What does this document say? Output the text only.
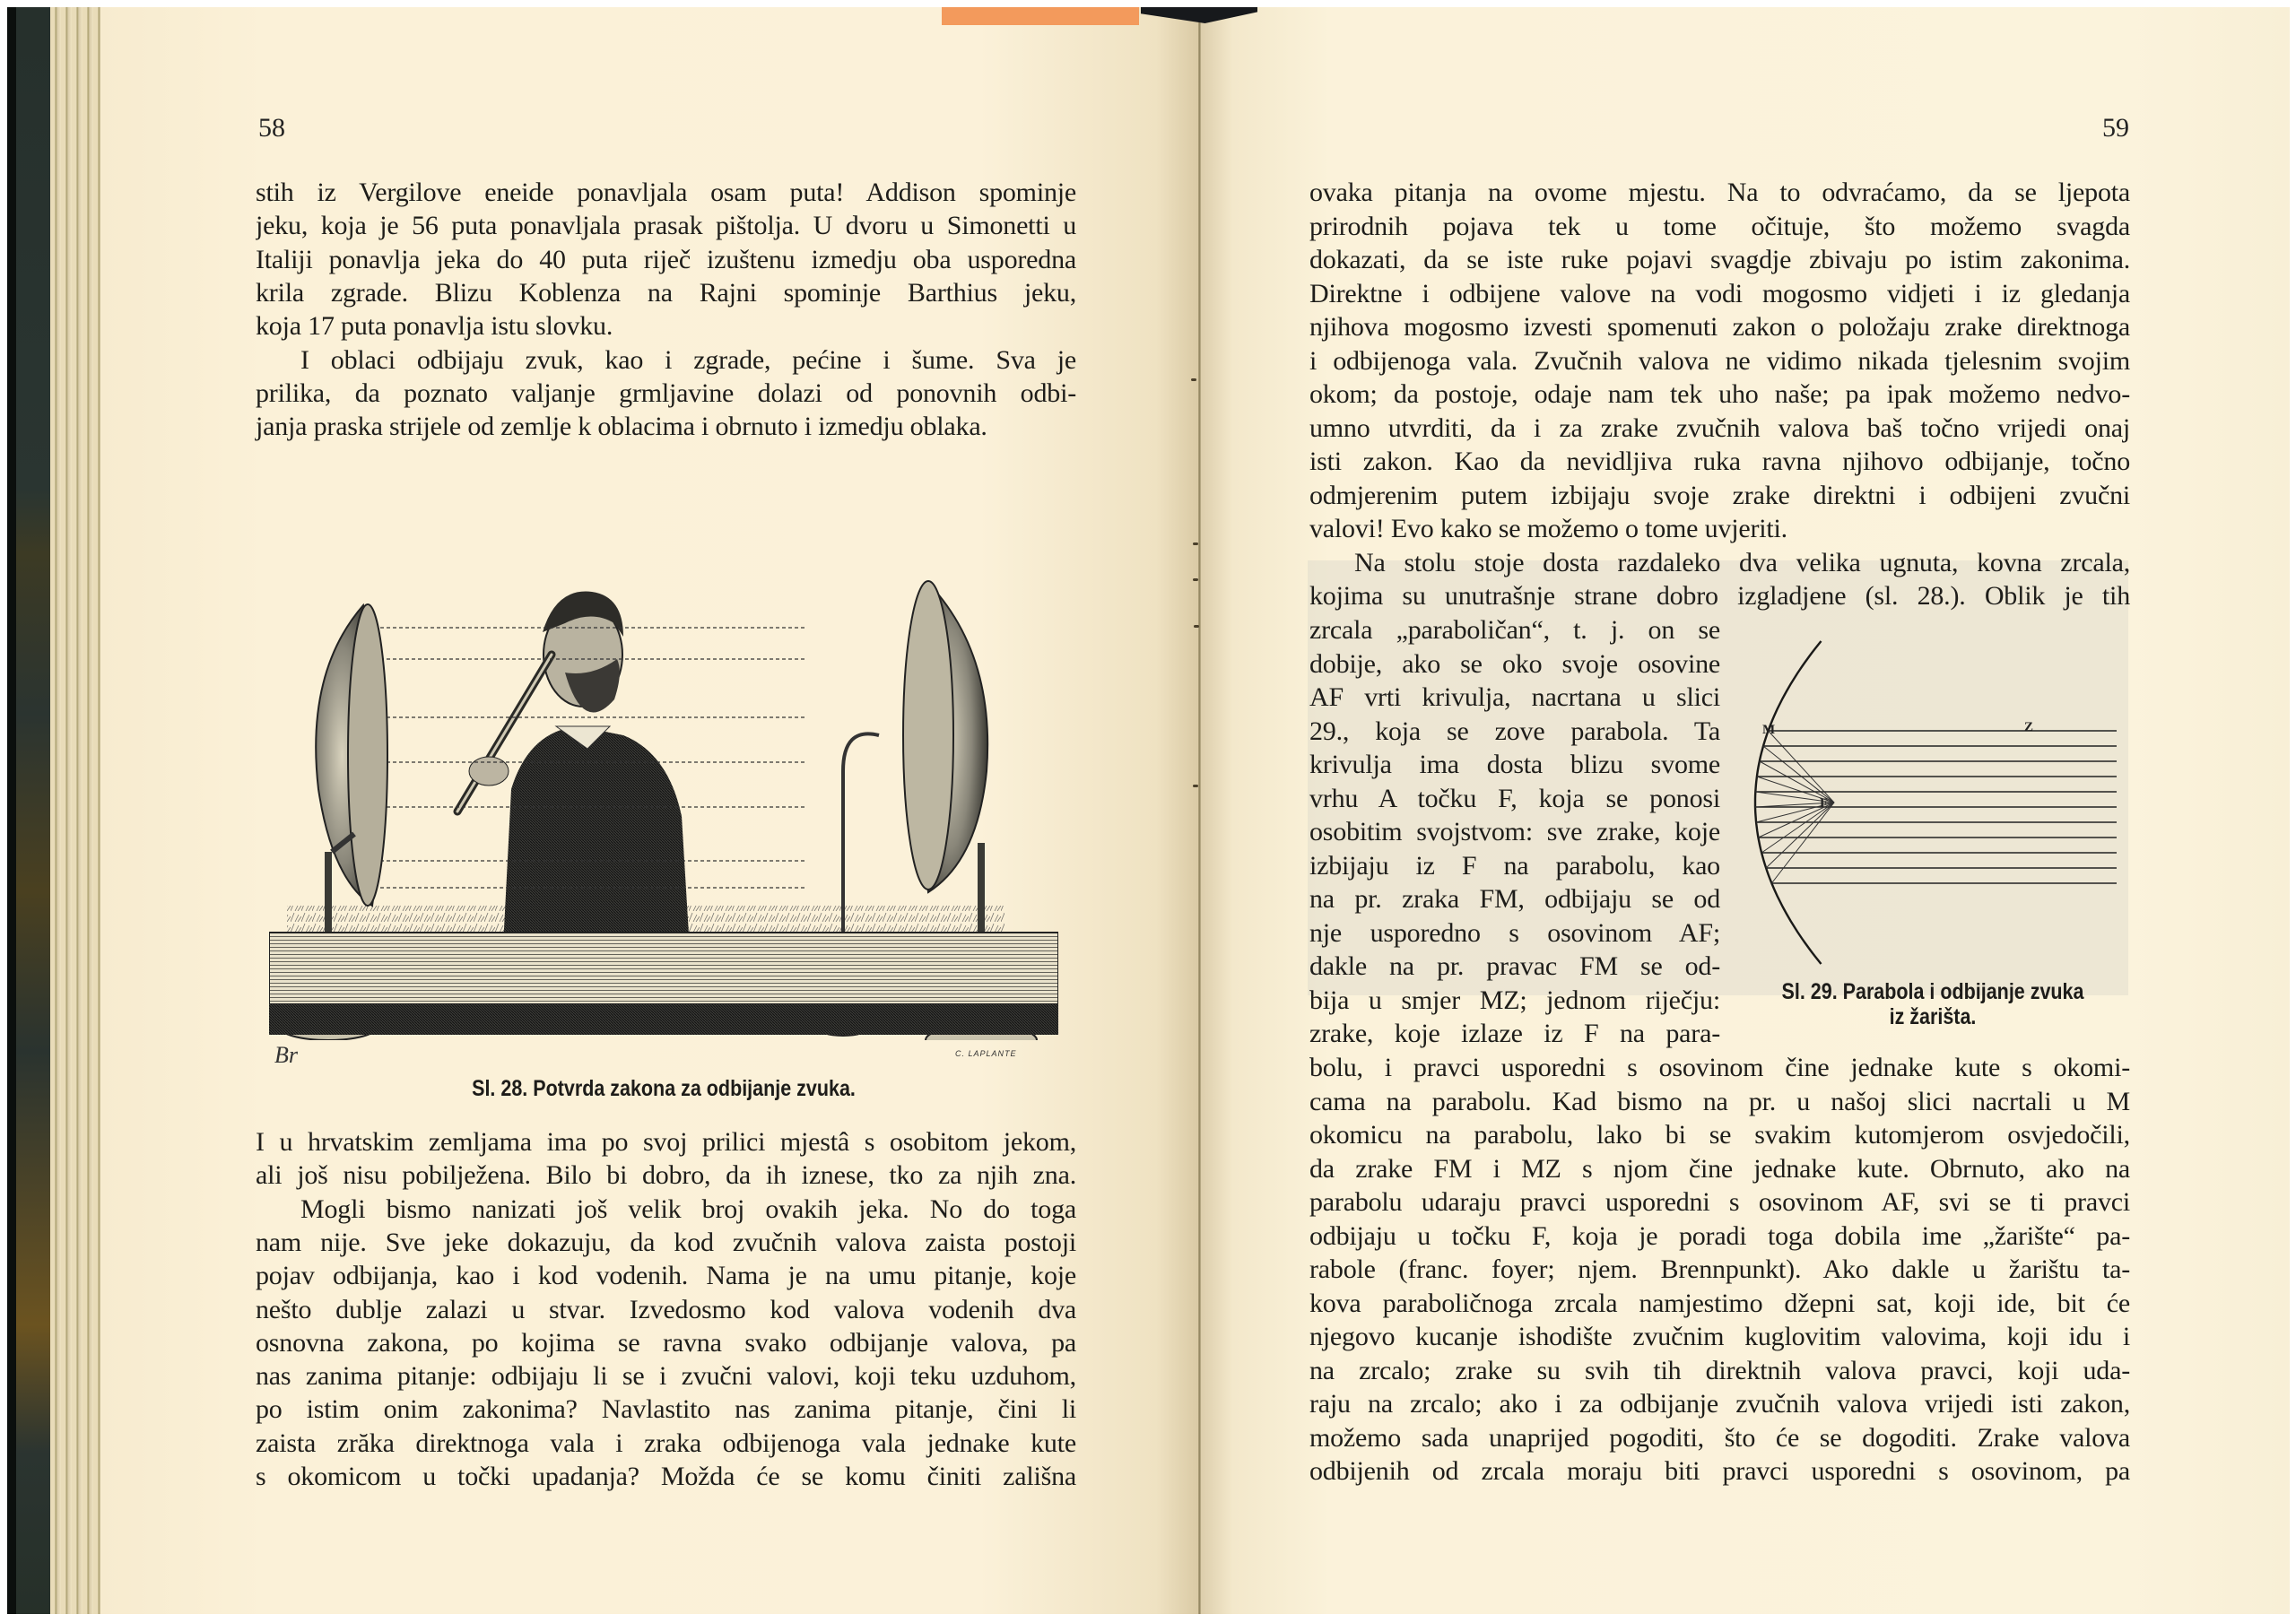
58	59
stih iz Vergilove eneide ponavljala osam puta! Addison spominje
jeku, koja je 56 puta ponavljala prasak pištolja. U dvoru u Simonetti u
Italiji ponavlja jeka do 40 puta riječ izuštenu izmedju oba usporedna
krila zgrade. Blizu Koblenza na Rajni spominje Barthius jeku,
koja 17 puta ponavlja istu slovku.
I oblaci odbijaju zvuk, kao i zgrade, pećine i šume. Sva je
prilika, da poznato valjanje grmljavine dolazi od ponovnih odbi-
janja praska strijele od zemlje k oblacima i obrnuto i izmedju oblaka.
Br	C. LAPLANTE
Sl. 28. Potvrda zakona za odbijanje zvuka.
I u hrvatskim zemljama ima po svoj prilici mjestâ s osobitom jekom,
ali još nisu pobilježena. Bilo bi dobro, da ih iznese, tko za njih zna.
Mogli bismo nanizati još velik broj ovakih jeka. No do toga
nam nije. Sve jeke dokazuju, da kod zvučnih valova zaista postoji
pojav odbijanja, kao i kod vodenih. Nama je na umu pitanje, koje
nešto dublje zalazi u stvar. Izvedosmo kod valova vodenih dva
osnovna zakona, po kojima se ravna svako odbijanje valova, pa
nas zanima pitanje: odbijaju li se i zvučni valovi, koji teku uzduhom,
po istim onim zakonima? Navlastito nas zanima pitanje, čini li
zaista zrăka direktnoga vala i zraka odbijenoga vala jednake kute
s okomicom u točki upadanja? Možda će se komu činiti zališna
ovaka pitanja na ovome mjestu. Na to odvraćamo, da se ljepota
prirodnih pojava tek u tome očituje, što možemo svagda
dokazati, da se iste ruke pojavi svagdje zbivaju po istim zakonima.
Direktne i odbijene valove na vodi mogosmo vidjeti i iz gledanja
njihova mogosmo izvesti spomenuti zakon o položaju zrake direktnoga
i odbijenoga vala. Zvučnih valova ne vidimo nikada tjelesnim svojim
okom; da postoje, odaje nam tek uho naše; pa ipak možemo nedvo-
umno utvrditi, da i za zrake zvučnih valova baš točno vrijedi onaj
isti zakon. Kao da nevidljiva ruka ravna njihovo odbijanje, točno
odmjerenim putem izbijaju svoje zrake direktni i odbijeni zvučni
valovi! Evo kako se možemo o tome uvjeriti.
Na stolu stoje dosta razdaleko dva velika ugnuta, kovna zrcala,
kojima su unutrašnje strane dobro izgladjene (sl. 28.). Oblik je tih
zrcala „paraboličan“, t. j. on se
dobije, ako se oko svoje osovine
AF vrti krivulja, nacrtana u slici
29., koja se zove parabola. Ta
krivulja ima dosta blizu svome
vrhu A točku F, koja se ponosi
osobitim svojstvom: sve zrake, koje
izbijaju iz F na parabolu, kao
na pr. zraka FM, odbijaju se od
nje usporedno s osovinom AF;
dakle na pr. pravac FM se od-
bija u smjer MZ; jednom riječju:
zrake, koje izlaze iz F na para-
M	Z
F
Sl. 29. Parabola i odbijanje zvuka
iz žarišta.
bolu, i pravci usporedni s osovinom čine jednake kute s okomi-
cama na parabolu. Kad bismo na pr. u našoj slici nacrtali u M
okomicu na parabolu, lako bi se svakim kutomjerom osvjedočili,
da zrake FM i MZ s njom čine jednake kute. Obrnuto, ako na
parabolu udaraju pravci usporedni s osovinom AF, svi se ti pravci
odbijaju u točku F, koja je poradi toga dobila ime „žarište“ pa-
rabole (franc. foyer; njem. Brennpunkt). Ako dakle u žarištu ta-
kova paraboličnoga zrcala namjestimo džepni sat, koji ide, bit će
njegovo kucanje ishodište zvučnim kuglovitim valovima, koji idu i
na zrcalo; zrake su svih tih direktnih valova pravci, koji uda-
raju na zrcalo; ako i za odbijanje zvučnih valova vrijedi isti zakon,
možemo sada unaprijed pogoditi, što će se dogoditi. Zrake valova
odbijenih od zrcala moraju biti pravci usporedni s osovinom, pa
